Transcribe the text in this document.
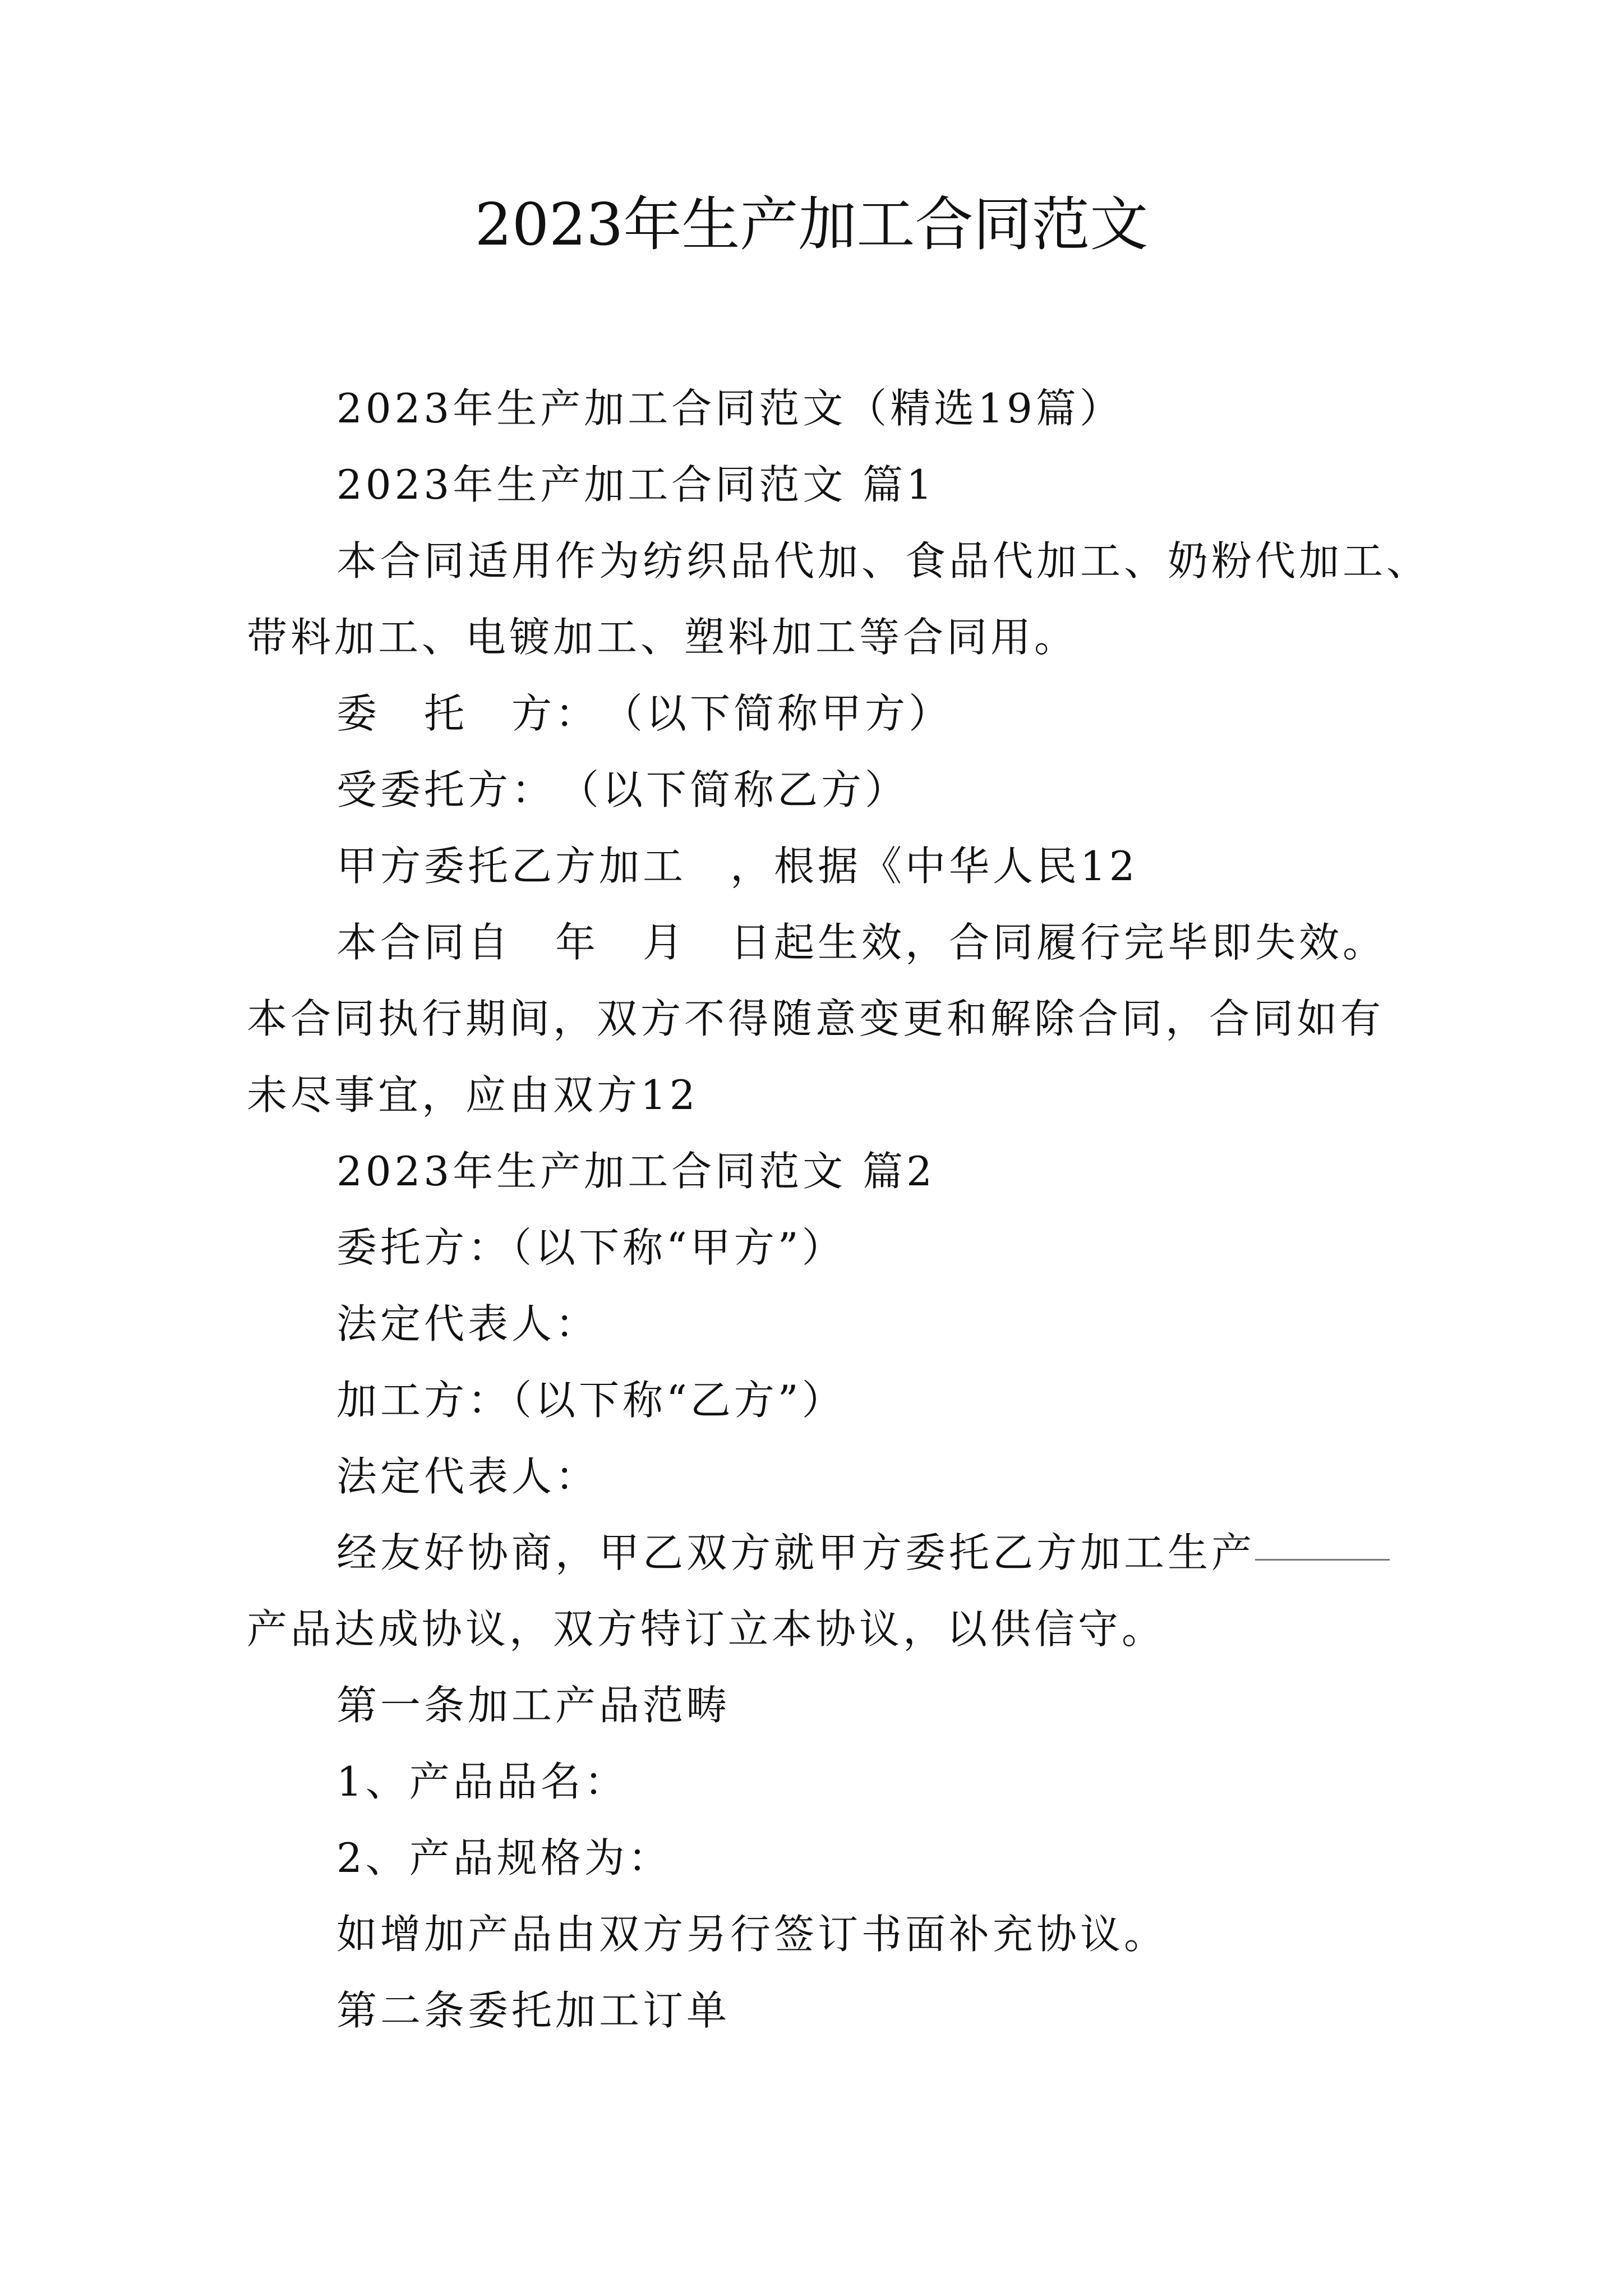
2023年生产加工合同范文

2023年生产加工合同范文（精选19篇）

2023年生产加工合同范文 篇1

本合同适用作为纺织品代加、食品代加工、奶粉代加工、

带料加工、电镀加工、塑料加工等合同用。

委　托　方：　（以下简称甲方）

受委托方：　（以下简称乙方）

甲方委托乙方加工　，根据《中华人民12

本合同自　年　月　日起生效，合同履行完毕即失效。

本合同执行期间，双方不得随意变更和解除合同，合同如有

未尽事宜，应由双方12

2023年生产加工合同范文 篇2

委托方：（以下称“甲方”）

法定代表人：

加工方：（以下称“乙方”）

法定代表人：

经友好协商，甲乙双方就甲方委托乙方加工生产

产品达成协议，双方特订立本协议，以供信守。

第一条加工产品范畴

1、产品品名：

2、产品规格为：

如增加产品由双方另行签订书面补充协议。

第二条委托加工订单
